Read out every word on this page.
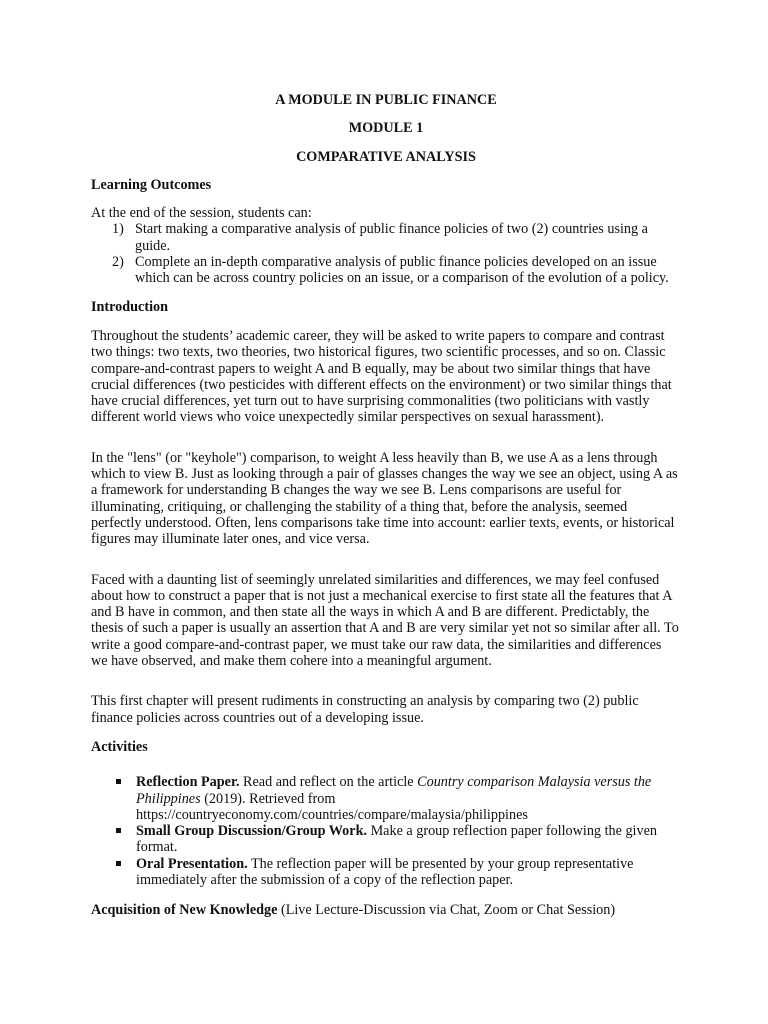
A MODULE IN PUBLIC FINANCE

MODULE 1

COMPARATIVE ANALYSIS

Learning Outcomes

At the end of the session, students can:

1) Start making a comparative analysis of public finance policies of two (2) countries using a guide.
2) Complete an in-depth comparative analysis of public finance policies developed on an issue which can be across country policies on an issue, or a comparison of the evolution of a policy.

Introduction

Throughout the students’ academic career, they will be asked to write papers to compare and contrast two things: two texts, two theories, two historical figures, two scientific processes, and so on. Classic compare-and-contrast papers to weight A and B equally, may be about two similar things that have crucial differences (two pesticides with different effects on the environment) or two similar things that have crucial differences, yet turn out to have surprising commonalities (two politicians with vastly different world views who voice unexpectedly similar perspectives on sexual harassment).

In the "lens" (or "keyhole") comparison, to weight A less heavily than B, we use A as a lens through which to view B. Just as looking through a pair of glasses changes the way we see an object, using A as a framework for understanding B changes the way we see B. Lens comparisons are useful for illuminating, critiquing, or challenging the stability of a thing that, before the analysis, seemed perfectly understood. Often, lens comparisons take time into account: earlier texts, events, or historical figures may illuminate later ones, and vice versa.

Faced with a daunting list of seemingly unrelated similarities and differences, we may feel confused about how to construct a paper that is not just a mechanical exercise to first state all the features that A and B have in common, and then state all the ways in which A and B are different. Predictably, the thesis of such a paper is usually an assertion that A and B are very similar yet not so similar after all. To write a good compare-and-contrast paper, we must take our raw data, the similarities and differences we have observed, and make them cohere into a meaningful argument.

This first chapter will present rudiments in constructing an analysis by comparing two (2) public finance policies across countries out of a developing issue.

Activities

Reflection Paper. Read and reflect on the article Country comparison Malaysia versus the Philippines (2019). Retrieved from https://countryeconomy.com/countries/compare/malaysia/philippines
Small Group Discussion/Group Work. Make a group reflection paper following the given format.
Oral Presentation. The reflection paper will be presented by your group representative immediately after the submission of a copy of the reflection paper.

Acquisition of New Knowledge (Live Lecture-Discussion via Chat, Zoom or Chat Session)
